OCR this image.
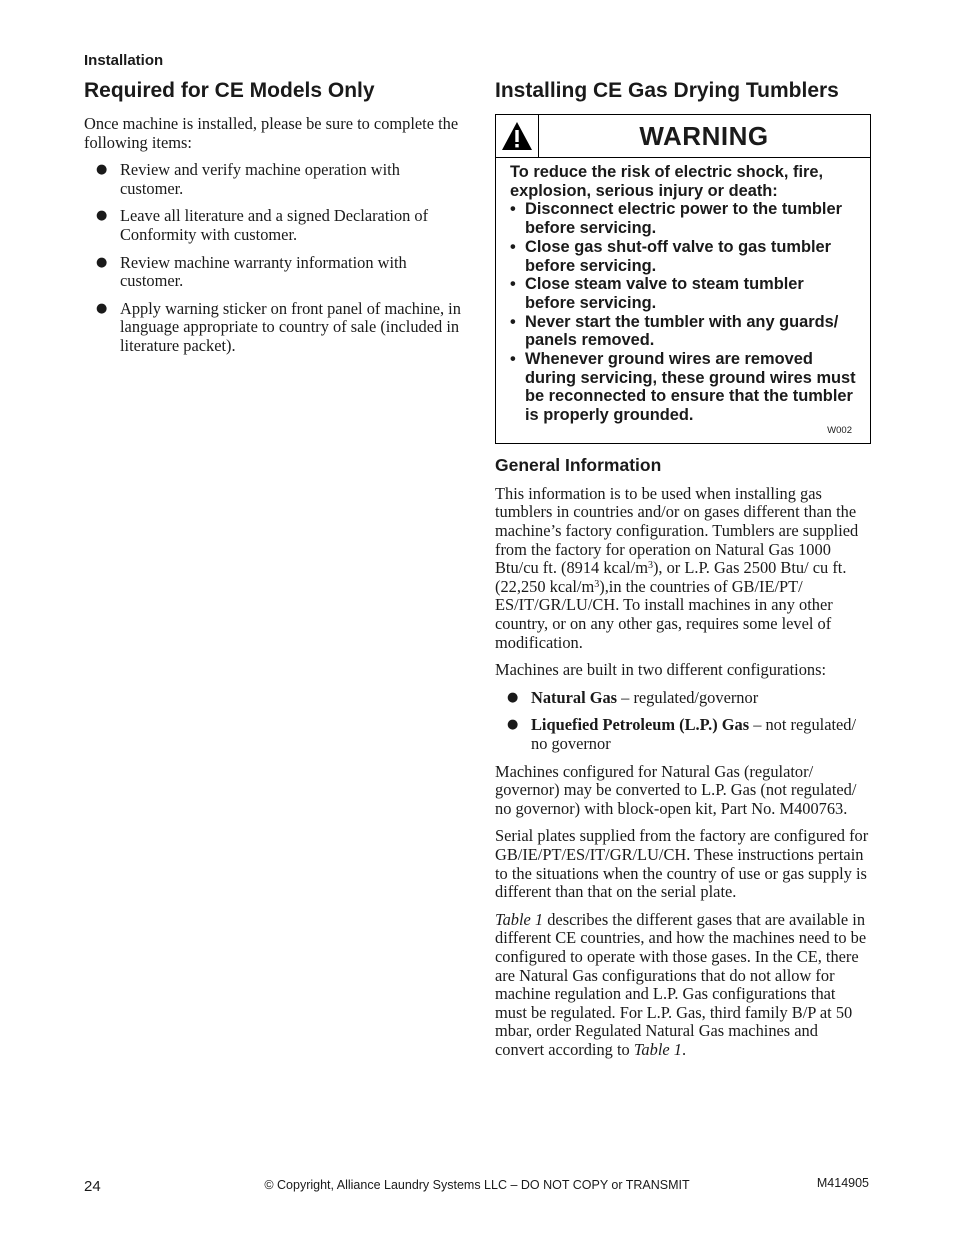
Installation
Required for CE Models Only

Once machine is installed, please be sure to complete the following items:

● Review and verify machine operation with customer.
● Leave all literature and a signed Declaration of Conformity with customer.
● Review machine warranty information with customer.
● Apply warning sticker on front panel of machine, in language appropriate to country of sale (included in literature packet).
Installing CE Gas Drying Tumblers
WARNING
To reduce the risk of electric shock, fire, explosion, serious injury or death:
• Disconnect electric power to the tumbler before servicing.
• Close gas shut-off valve to gas tumbler before servicing.
• Close steam valve to steam tumbler before servicing.
• Never start the tumbler with any guards/ panels removed.
• Whenever ground wires are removed during servicing, these ground wires must be reconnected to ensure that the tumbler is properly grounded.
W002
General Information

This information is to be used when installing gas tumblers in countries and/or on gases different than the machine’s factory configuration. Tumblers are supplied from the factory for operation on Natural Gas 1000 Btu/cu ft. (8914 kcal/$m^3$), or L.P. Gas 2500 Btu/ cu ft. (22,250 kcal/$m^3),in$ the countries of GB/IE/PT/ ES/IT/GR/LU/CH. To install machines in any other country, or on any other gas, requires some level of modification.

Machines are built in two different configurations:

● Natural Gas – regulated/governor
● Liquefied Petroleum (L.P.) Gas – not regulated/ no governor

Machines configured for Natural Gas (regulator/ governor) may be converted to L.P. Gas (not regulated/ no governor) with block-open kit, Part No. M400763.

Serial plates supplied from the factory are configured for GB/IE/PT/ES/IT/GR/LU/CH. These instructions pertain to the situations when the country of use or gas supply is different than that on the serial plate.

Table 1 describes the different gases that are available in different CE countries, and how the machines need to be configured to operate with those gases. In the CE, there are Natural Gas configurations that do not allow for machine regulation and L.P. Gas configurations that must be regulated. For L.P. Gas, third family B/P at 50 mbar, order Regulated Natural Gas machines and convert according to Table 1.

24	© Copyright, Alliance Laundry Systems LLC – DO NOT COPY or TRANSMIT	M414905
